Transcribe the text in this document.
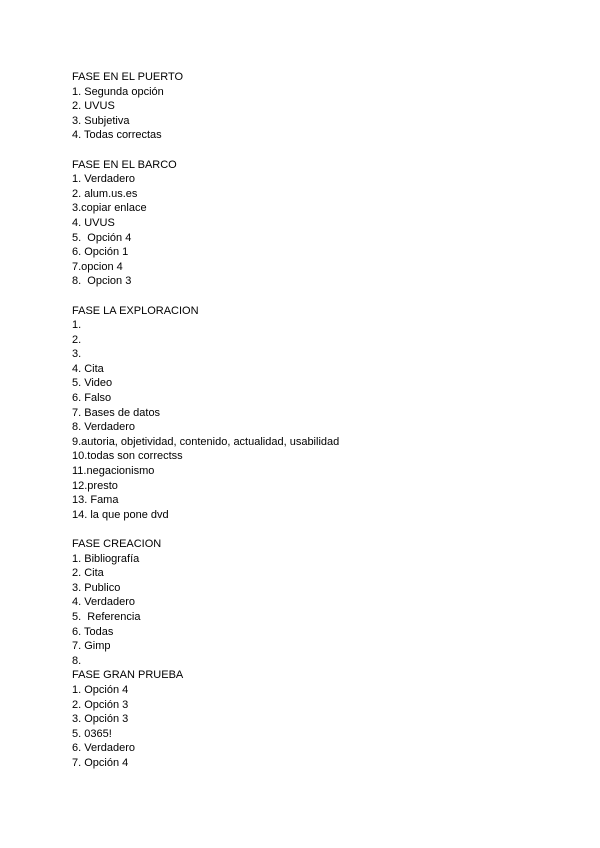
FASE EN EL PUERTO
1. Segunda opción
2. UVUS
3. Subjetiva
4. Todas correctas
FASE EN EL BARCO
1. Verdadero
2. alum.us.es
3.copiar enlace
4. UVUS
5.  Opción 4
6. Opción 1
7.opcion 4
8.  Opcion 3
FASE LA EXPLORACION
1.
2.
3.
4. Cita
5. Video
6. Falso
7. Bases de datos
8. Verdadero
9.autoria, objetividad, contenido, actualidad, usabilidad
10.todas son correctss
11.negacionismo
12.presto
13. Fama
14. la que pone dvd
FASE CREACION
1. Bibliografía
2. Cita
3. Publico
4. Verdadero
5.  Referencia
6. Todas
7. Gimp
8.
FASE GRAN PRUEBA
1. Opción 4
2. Opción 3
3. Opción 3
5. 0365!
6. Verdadero
7. Opción 4
